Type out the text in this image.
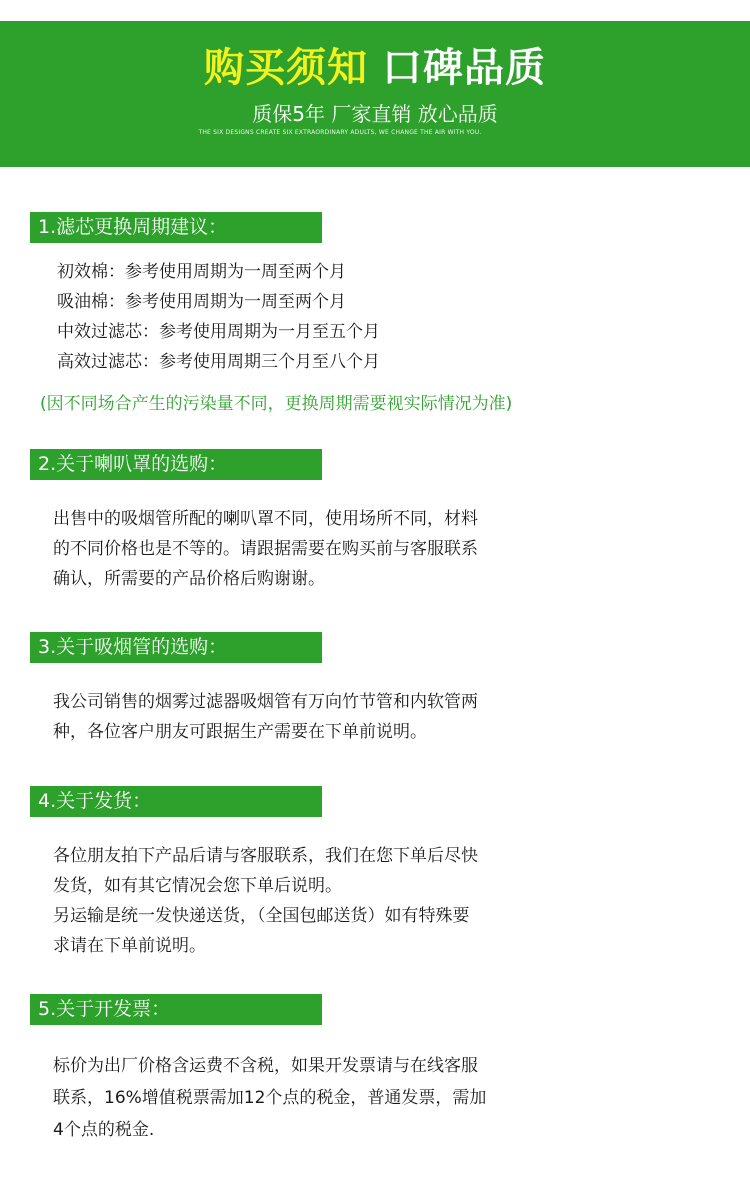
购买须知 口碑品质
质保5年 厂家直销 放心品质
THE SIX DESIGNS CREATE SIX EXTRAORDINARY ADULTS, WE CHANGE THE AIR WITH YOU.
1.滤芯更换周期建议：
初效棉：参考使用周期为一周至两个月
吸油棉：参考使用周期为一周至两个月
中效过滤芯：参考使用周期为一月至五个月
高效过滤芯：参考使用周期三个月至八个月
(因不同场合产生的污染量不同，更换周期需要视实际情况为准)
2.关于喇叭罩的选购：
出售中的吸烟管所配的喇叭罩不同，使用场所不同，材料
的不同价格也是不等的。请跟据需要在购买前与客服联系
确认，所需要的产品价格后购谢谢。
3.关于吸烟管的选购：
我公司销售的烟雾过滤器吸烟管有万向竹节管和内软管两
种，各位客户朋友可跟据生产需要在下单前说明。
4.关于发货：
各位朋友拍下产品后请与客服联系，我们在您下单后尽快
发货，如有其它情况会您下单后说明。
另运输是统一发快递送货，（全国包邮送货）如有特殊要
求请在下单前说明。
5.关于开发票：
标价为出厂价格含运费不含税，如果开发票请与在线客服
联系，16%增值税票需加12个点的税金，普通发票，需加
4个点的税金.
